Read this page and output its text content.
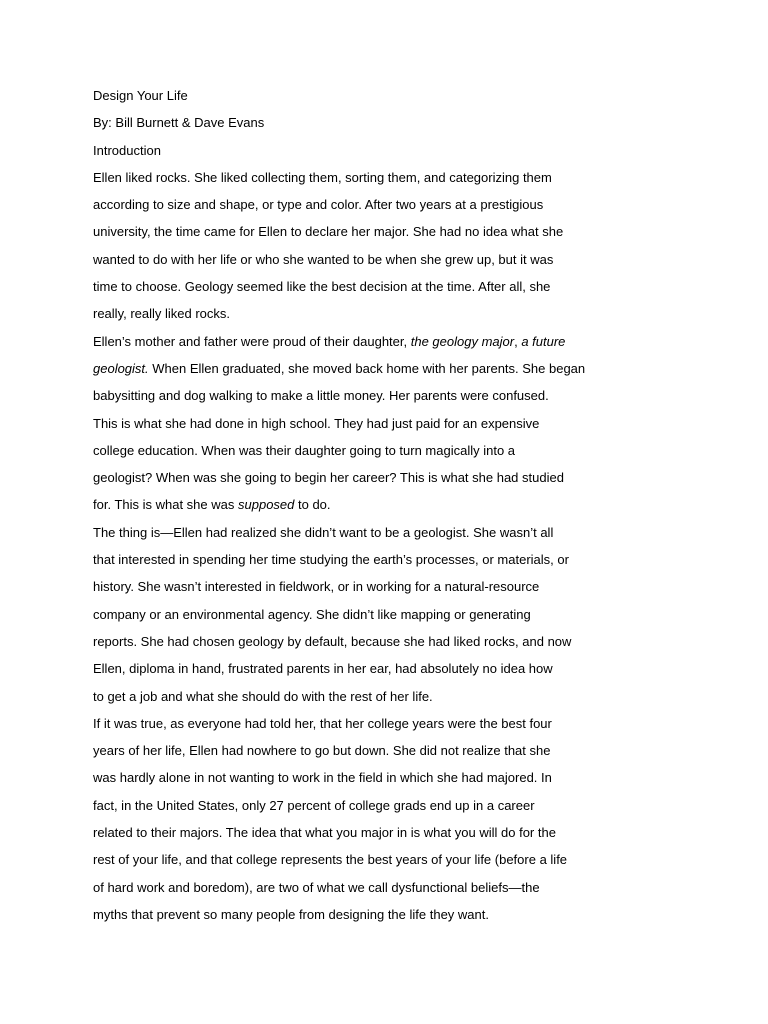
Design Your Life
By: Bill Burnett & Dave Evans
Introduction
Ellen liked rocks. She liked collecting them, sorting them, and categorizing them
according to size and shape, or type and color. After two years at a prestigious
university, the time came for Ellen to declare her major. She had no idea what she
wanted to do with her life or who she wanted to be when she grew up, but it was
time to choose. Geology seemed like the best decision at the time. After all, she
really, really liked rocks.
Ellen’s mother and father were proud of their daughter, the geology major, a future
geologist. When Ellen graduated, she moved back home with her parents. She began
babysitting and dog walking to make a little money. Her parents were confused.
This is what she had done in high school. They had just paid for an expensive
college education. When was their daughter going to turn magically into a
geologist? When was she going to begin her career? This is what she had studied
for. This is what she was supposed to do.
The thing is—Ellen had realized she didn’t want to be a geologist. She wasn’t all
that interested in spending her time studying the earth’s processes, or materials, or
history. She wasn’t interested in fieldwork, or in working for a natural-resource
company or an environmental agency. She didn’t like mapping or generating
reports. She had chosen geology by default, because she had liked rocks, and now
Ellen, diploma in hand, frustrated parents in her ear, had absolutely no idea how
to get a job and what she should do with the rest of her life.
If it was true, as everyone had told her, that her college years were the best four
years of her life, Ellen had nowhere to go but down. She did not realize that she
was hardly alone in not wanting to work in the field in which she had majored. In
fact, in the United States, only 27 percent of college grads end up in a career
related to their majors. The idea that what you major in is what you will do for the
rest of your life, and that college represents the best years of your life (before a life
of hard work and boredom), are two of what we call dysfunctional beliefs—the
myths that prevent so many people from designing the life they want.
